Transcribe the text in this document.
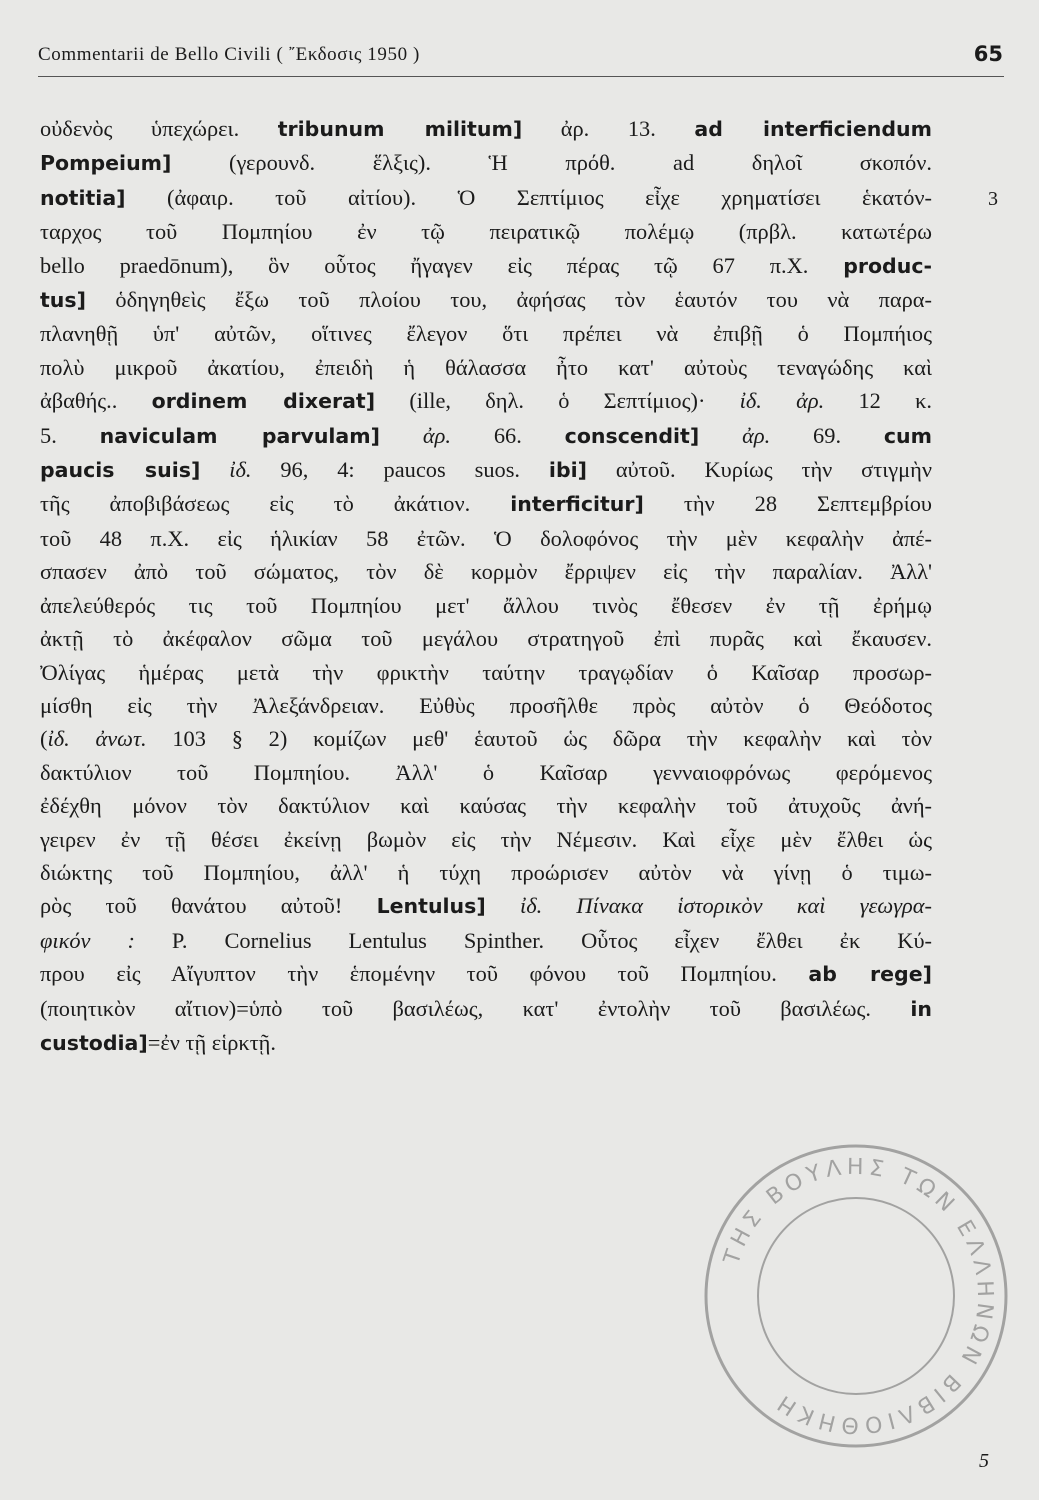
Commentarii de Bello Civili ( ῎Εκδοσις 1950 )	65
οὐδενὸς ὑπεχώρει. tribunum militum] ἀρ. 13. ad interficiendum
Pompeium] (γερουνδ. ἕλξις). Ἡ πρόθ. ad δηλοῖ σκοπόν.
notitia] (ἀφαιρ. τοῦ αἰτίου). Ὁ Σεπτίμιος εἶχε χρηματίσει ἑκατόν-
ταρχος τοῦ Πομπηίου ἐν τῷ πειρατικῷ πολέμῳ (πρβλ. κατωτέρω
bello praedōnum), ὃν οὗτος ἤγαγεν εἰς πέρας τῷ 67 π.Χ. produc-
tus] ὁδηγηθεὶς ἔξω τοῦ πλοίου του, ἀφήσας τὸν ἑαυτόν του νὰ παρα-
πλανηθῇ ὑπ' αὐτῶν, οἵτινες ἔλεγον ὅτι πρέπει νὰ ἐπιβῇ ὁ Πομπήιος
πολὺ μικροῦ ἀκατίου, ἐπειδὴ ἡ θάλασσα ἦτο κατ' αὐτοὺς τεναγώδης καὶ
ἀβαθής.. ordinem dixerat] (ille, δηλ. ὁ Σεπτίμιος)· ἰδ. ἀρ. 12 κ.
5. naviculam parvulam] ἀρ. 66. conscendit] ἀρ. 69. cum
paucis suis] ἰδ. 96, 4: paucos suos. ibi] αὐτοῦ. Κυρίως τὴν στιγμὴν
τῆς ἀποβιβάσεως εἰς τὸ ἀκάτιον. interficitur] τὴν 28 Σεπτεμβρίου
τοῦ 48 π.Χ. εἰς ἡλικίαν 58 ἐτῶν. Ὁ δολοφόνος τὴν μὲν κεφαλὴν ἀπέ-
σπασεν ἀπὸ τοῦ σώματος, τὸν δὲ κορμὸν ἔρριψεν εἰς τὴν παραλίαν. Ἀλλ'
ἀπελεύθερός τις τοῦ Πομπηίου μετ' ἄλλου τινὸς ἔθεσεν ἐν τῇ ἐρήμῳ
ἀκτῇ τὸ ἀκέφαλον σῶμα τοῦ μεγάλου στρατηγοῦ ἐπὶ πυρᾶς καὶ ἔκαυσεν.
Ὀλίγας ἡμέρας μετὰ τὴν φρικτὴν ταύτην τραγῳδίαν ὁ Καῖσαρ προσωρ-
μίσθη εἰς τὴν Ἀλεξάνδρειαν. Εὐθὺς προσῆλθε πρὸς αὐτὸν ὁ Θεόδοτος
(ἰδ. ἀνωτ. 103 § 2) κομίζων μεθ' ἑαυτοῦ ὡς δῶρα τὴν κεφαλὴν καὶ τὸν
δακτύλιον τοῦ Πομπηίου. Ἀλλ' ὁ Καῖσαρ γενναιοφρόνως φερόμενος
ἐδέχθη μόνον τὸν δακτύλιον καὶ καύσας τὴν κεφαλὴν τοῦ ἀτυχοῦς ἀνή-
γειρεν ἐν τῇ θέσει ἐκείνῃ βωμὸν εἰς τὴν Νέμεσιν. Καὶ εἶχε μὲν ἔλθει ὡς
διώκτης τοῦ Πομπηίου, ἀλλ' ἡ τύχη προώρισεν αὐτὸν νὰ γίνῃ ὁ τιμω-
ρὸς τοῦ θανάτου αὐτοῦ! Lentulus] ἰδ. Πίνακα ἱστορικὸν καὶ γεωγρα-
φικόν : P. Cornelius Lentulus Spinther. Οὗτος εἶχεν ἔλθει ἐκ Κύ-
πρου εἰς Αἴγυπτον τὴν ἑπομένην τοῦ φόνου τοῦ Πομπηίου. ab rege]
(ποιητικὸν αἴτιον)=ὑπὸ τοῦ βασιλέως, κατ' ἐντολὴν τοῦ βασιλέως. in
custodia]=ἐν τῇ εἱρκτῇ.
3
ΤΗΣ ΒΟΥΛΗΣ ΤΩΝ ΕΛΛΗΝΩΝ ΒΙΒΛΙΟΘΗΚΗ
5
